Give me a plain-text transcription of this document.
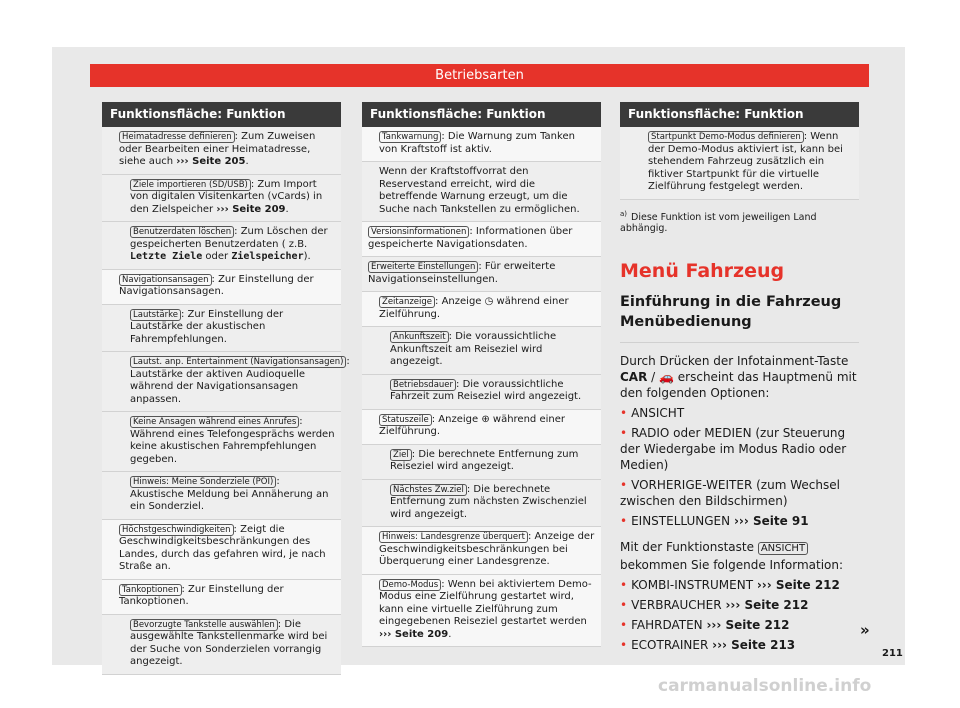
Betriebsarten
Funktionsfläche: Funktion
Heimatadresse definieren : Zum Zuweisen oder Bearbeiten einer Heimatadresse, siehe auch ››› Seite 205.
Ziele importieren (SD/USB) : Zum Import von digitalen Visitenkarten (vCards) in den Zielspeicher ››› Seite 209.
Benutzerdaten löschen : Zum Löschen der gespeicherten Benutzerdaten ( z.B. Letzte Ziele oder Zielspeicher).
Navigationsansagen : Zur Einstellung der Navigationsansagen.
Lautstärke : Zur Einstellung der Lautstärke der akustischen Fahrempfehlungen.
Lautst. anp. Entertainment (Navigationsansagen) : Lautstärke der aktiven Audioquelle während der Navigationsansagen anpassen.
Keine Ansagen während eines Anrufes : Während eines Telefongesprächs werden keine akustischen Fahrempfehlungen gegeben.
Hinweis: Meine Sonderziele (POI) : Akustische Meldung bei Annäherung an ein Sonderziel.
Höchstgeschwindigkeiten : Zeigt die Geschwindigkeitsbeschränkungen des Landes, durch das gefahren wird, je nach Straße an.
Tankoptionen : Zur Einstellung der Tankoptionen.
Bevorzugte Tankstelle auswählen : Die ausgewählte Tankstellenmarke wird bei der Suche von Sonderzielen vorrangig angezeigt.
Funktionsfläche: Funktion
Tankwarnung : Die Warnung zum Tanken von Kraftstoff ist aktiv.
Wenn der Kraftstoffvorrat den Reservestand erreicht, wird die betreffende Warnung erzeugt, um die Suche nach Tankstellen zu ermöglichen.
Versionsinformationen : Informationen über gespeicherte Navigationsdaten.
Erweiterte Einstellungen : Für erweiterte Navigationseinstellungen.
Zeitanzeige : Anzeige ◷ während einer Zielführung.
Ankunftszeit : Die voraussichtliche Ankunftszeit am Reiseziel wird angezeigt.
Betriebsdauer : Die voraussichtliche Fahrzeit zum Reiseziel wird angezeigt.
Statuszeile : Anzeige ⊕ während einer Zielführung.
Ziel : Die berechnete Entfernung zum Reiseziel wird angezeigt.
Nächstes Zw.ziel : Die berechnete Entfernung zum nächsten Zwischenziel wird angezeigt.
Hinweis: Landesgrenze überquert : Anzeige der Geschwindigkeitsbeschränkungen bei Überquerung einer Landesgrenze.
Demo-Modus : Wenn bei aktiviertem Demo-Modus eine Zielführung gestartet wird, kann eine virtuelle Zielführung zum eingegebenen Reiseziel gestartet werden ››› Seite 209.
Funktionsfläche: Funktion
Startpunkt Demo-Modus definieren : Wenn der Demo-Modus aktiviert ist, kann bei stehendem Fahrzeug zusätzlich ein fiktiver Startpunkt für die virtuelle Zielführung festgelegt werden.
$^{a)}$ Diese Funktion ist vom jeweiligen Land abhängig.
Menü Fahrzeug
Einführung in die Fahrzeug Menübedienung
Durch Drücken der Infotainment-Taste
CAR / 🚗 erscheint das Hauptmenü mit den folgenden Optionen:
• ANSICHT
• RADIO oder MEDIEN (zur Steuerung der Wiedergabe im Modus Radio oder Medien)
• VORHERIGE-WEITER (zum Wechsel zwischen den Bildschirmen)
• EINSTELLUNGEN ››› Seite 91
Mit der Funktionstaste ANSICHT bekommen Sie folgende Information:
• KOMBI-INSTRUMENT ››› Seite 212
• VERBRAUCHER ››› Seite 212
• FAHRDATEN ››› Seite 212
• ECOTRAINER ››› Seite 213
»
211
carmanualsonline.info
